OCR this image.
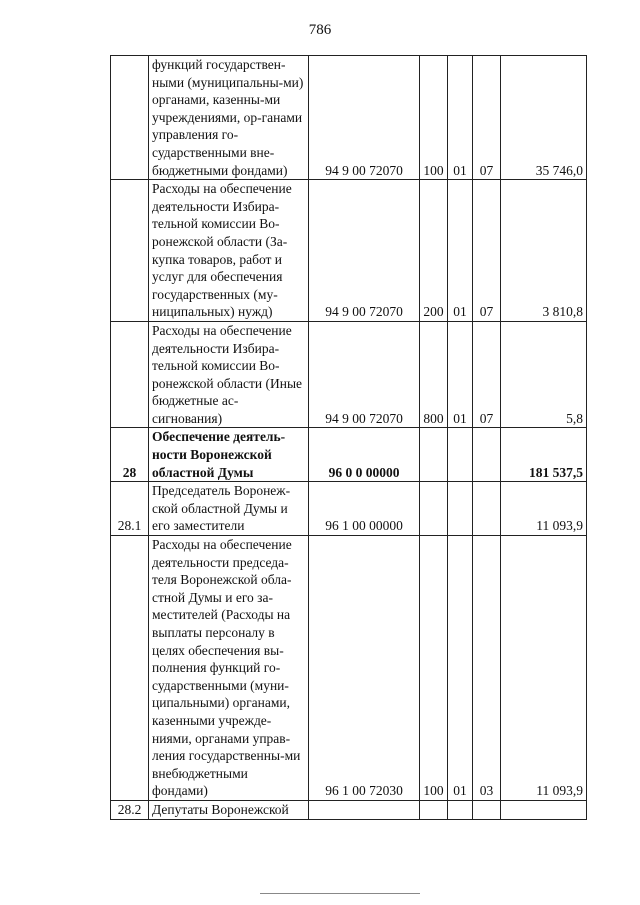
786
	функций государствен-ными (муниципальны-ми) органами, казенны-ми учреждениями, ор-ганами управления го-сударственными вне-бюджетными фондами)	94 9 00 72070	100	01	07	35 746,0
	Расходы на обеспечение деятельности Избира-тельной комиссии Во-ронежской области (За-купка товаров, работ и услуг для обеспечения государственных (му-ниципальных) нужд)	94 9 00 72070	200	01	07	3 810,8
	Расходы на обеспечение деятельности Избира-тельной комиссии Во-ронежской области (Иные бюджетные ас-сигнования)	94 9 00 72070	800	01	07	5,8
28	Обеспечение деятель-ности Воронежской областной Думы	96 0 0 00000				181 537,5
28.1	Председатель Воронеж-ской областной Думы и его заместители	96 1 00 00000				11 093,9
	Расходы на обеспечение деятельности председа-теля Воронежской обла-стной Думы и его за-местителей (Расходы на выплаты персоналу в целях обеспечения вы-полнения функций го-сударственными (муни-ципальными) органами, казенными учрежде-ниями, органами управ-ления государственны-ми внебюджетными фондами)	96 1 00 72030	100	01	03	11 093,9
28.2	Депутаты Воронежской					
